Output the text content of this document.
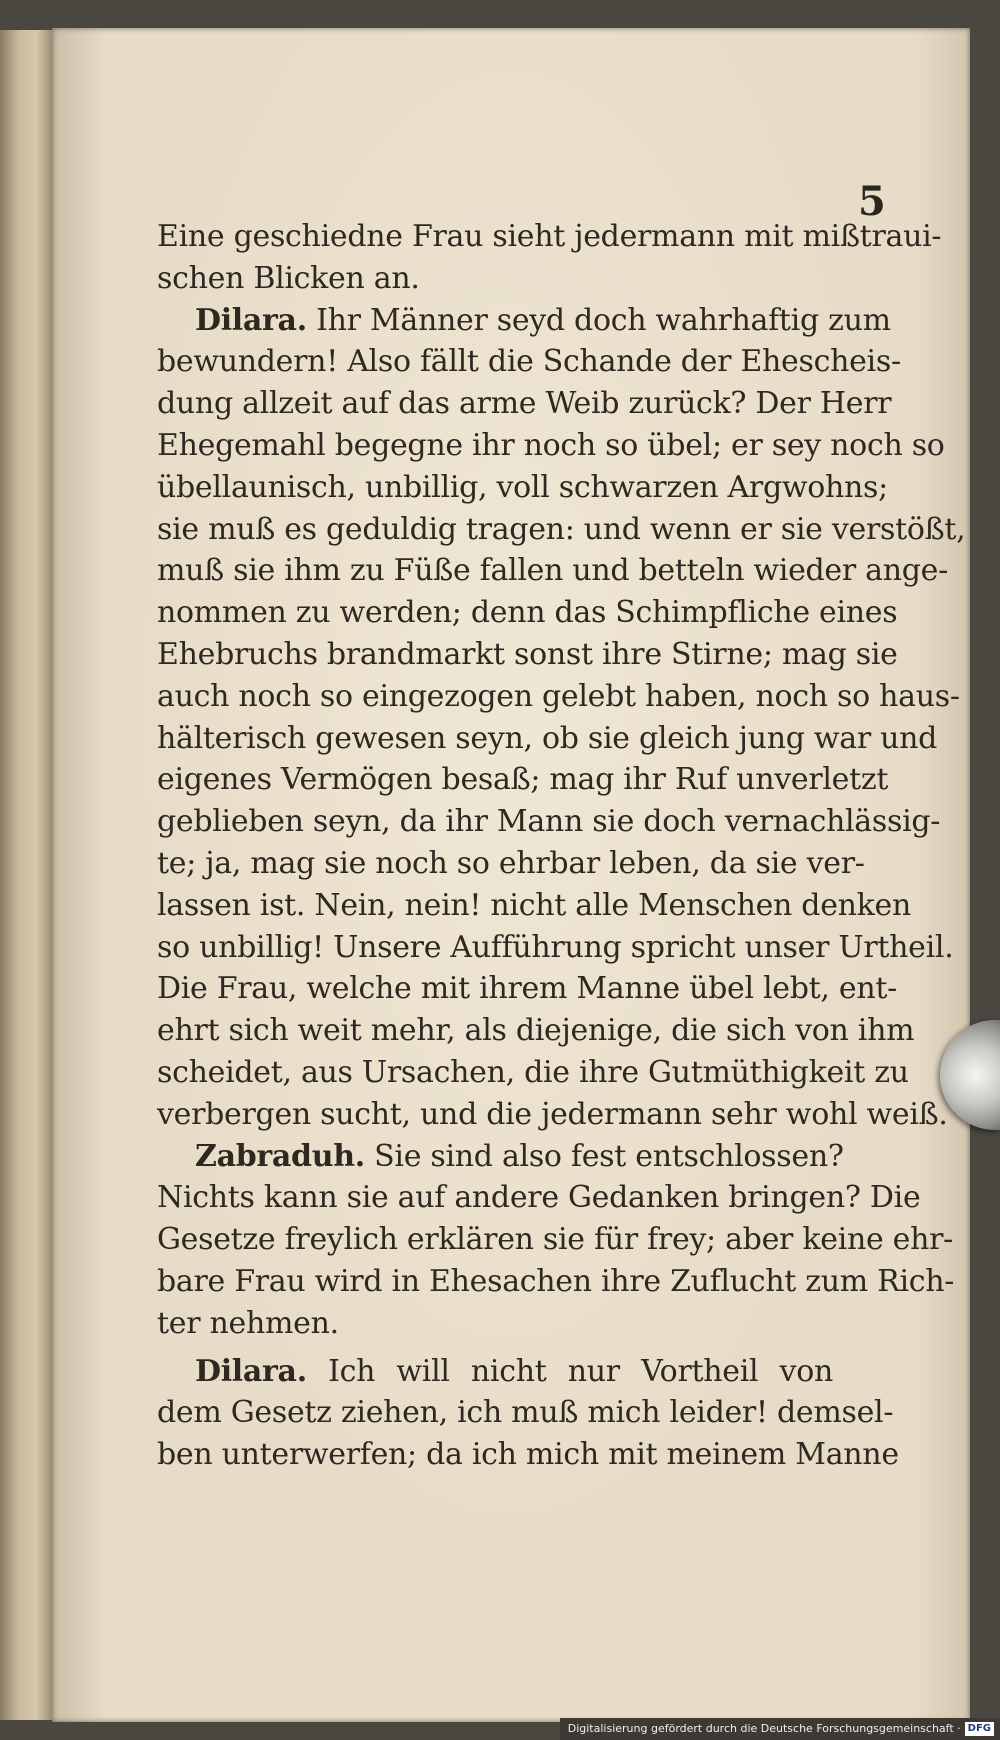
5
Eine geschiedne Frau sieht jedermann mit mißtraui-
schen Blicken an.
Dilara. Ihr Männer seyd doch wahrhaftig zum
bewundern! Also fällt die Schande der Ehescheis-
dung allzeit auf das arme Weib zurück? Der Herr
Ehegemahl begegne ihr noch so übel; er sey noch so
übellaunisch, unbillig, voll schwarzen Argwohns;
sie muß es geduldig tragen: und wenn er sie verstößt,
muß sie ihm zu Füße fallen und betteln wieder ange-
nommen zu werden; denn das Schimpfliche eines
Ehebruchs brandmarkt sonst ihre Stirne; mag sie
auch noch so eingezogen gelebt haben, noch so haus-
hälterisch gewesen seyn, ob sie gleich jung war und
eigenes Vermögen besaß; mag ihr Ruf unverletzt
geblieben seyn, da ihr Mann sie doch vernachlässig-
te; ja, mag sie noch so ehrbar leben, da sie ver-
lassen ist. Nein, nein! nicht alle Menschen denken
so unbillig! Unsere Aufführung spricht unser Urtheil.
Die Frau, welche mit ihrem Manne übel lebt, ent-
ehrt sich weit mehr, als diejenige, die sich von ihm
scheidet, aus Ursachen, die ihre Gutmüthigkeit zu
verbergen sucht, und die jedermann sehr wohl weiß.
Zabraduh. Sie sind also fest entschlossen?
Nichts kann sie auf andere Gedanken bringen? Die
Gesetze freylich erklären sie für frey; aber keine ehr-
bare Frau wird in Ehesachen ihre Zuflucht zum Rich-
ter nehmen.
Dilara. Ich will nicht nur Vortheil von
dem Gesetz ziehen, ich muß mich leider! demsel-
ben unterwerfen; da ich mich mit meinem Manne
Digitalisierung gefördert durch die Deutsche Forschungsgemeinschaft · DFG
